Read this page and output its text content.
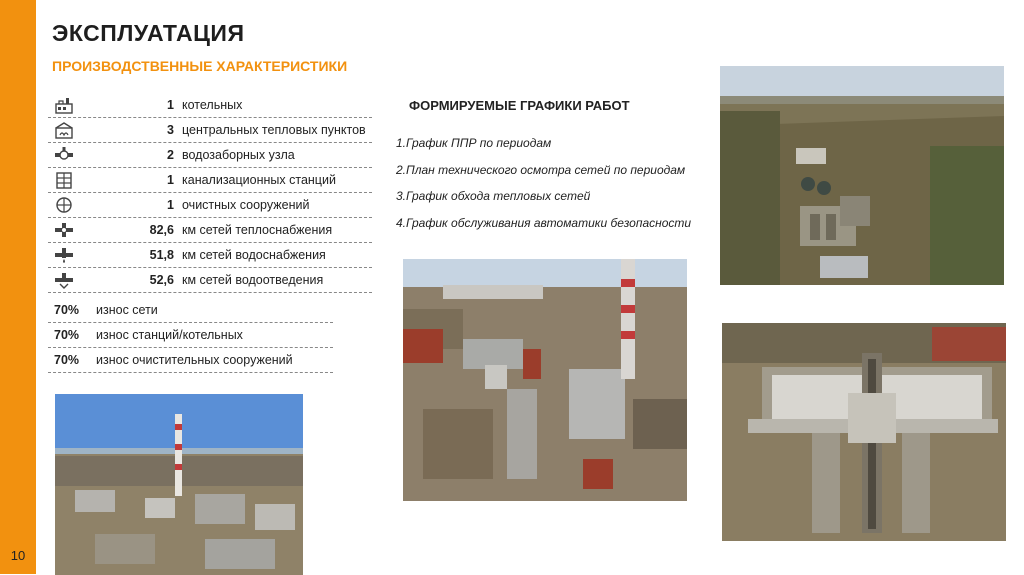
10
ЭКСПЛУАТАЦИЯ
ПРОИЗВОДСТВЕННЫЕ ХАРАКТЕРИСТИКИ
1 котельных
3 центральных тепловых пунктов
2 водозаборных узла
1 канализационных станций
1 очистных сооружений
82,6 км сетей теплоснабжения
51,8 км сетей водоснабжения
52,6 км сетей водоотведения
70% износ сети
70% износ станций/котельных
70% износ очистительных сооружений
ФОРМИРУЕМЫЕ ГРАФИКИ РАБОТ
1.График ППР по периодам
2.План технического осмотра сетей по периодам
3.График обхода тепловых сетей
4.График обслуживания автоматики безопасности
